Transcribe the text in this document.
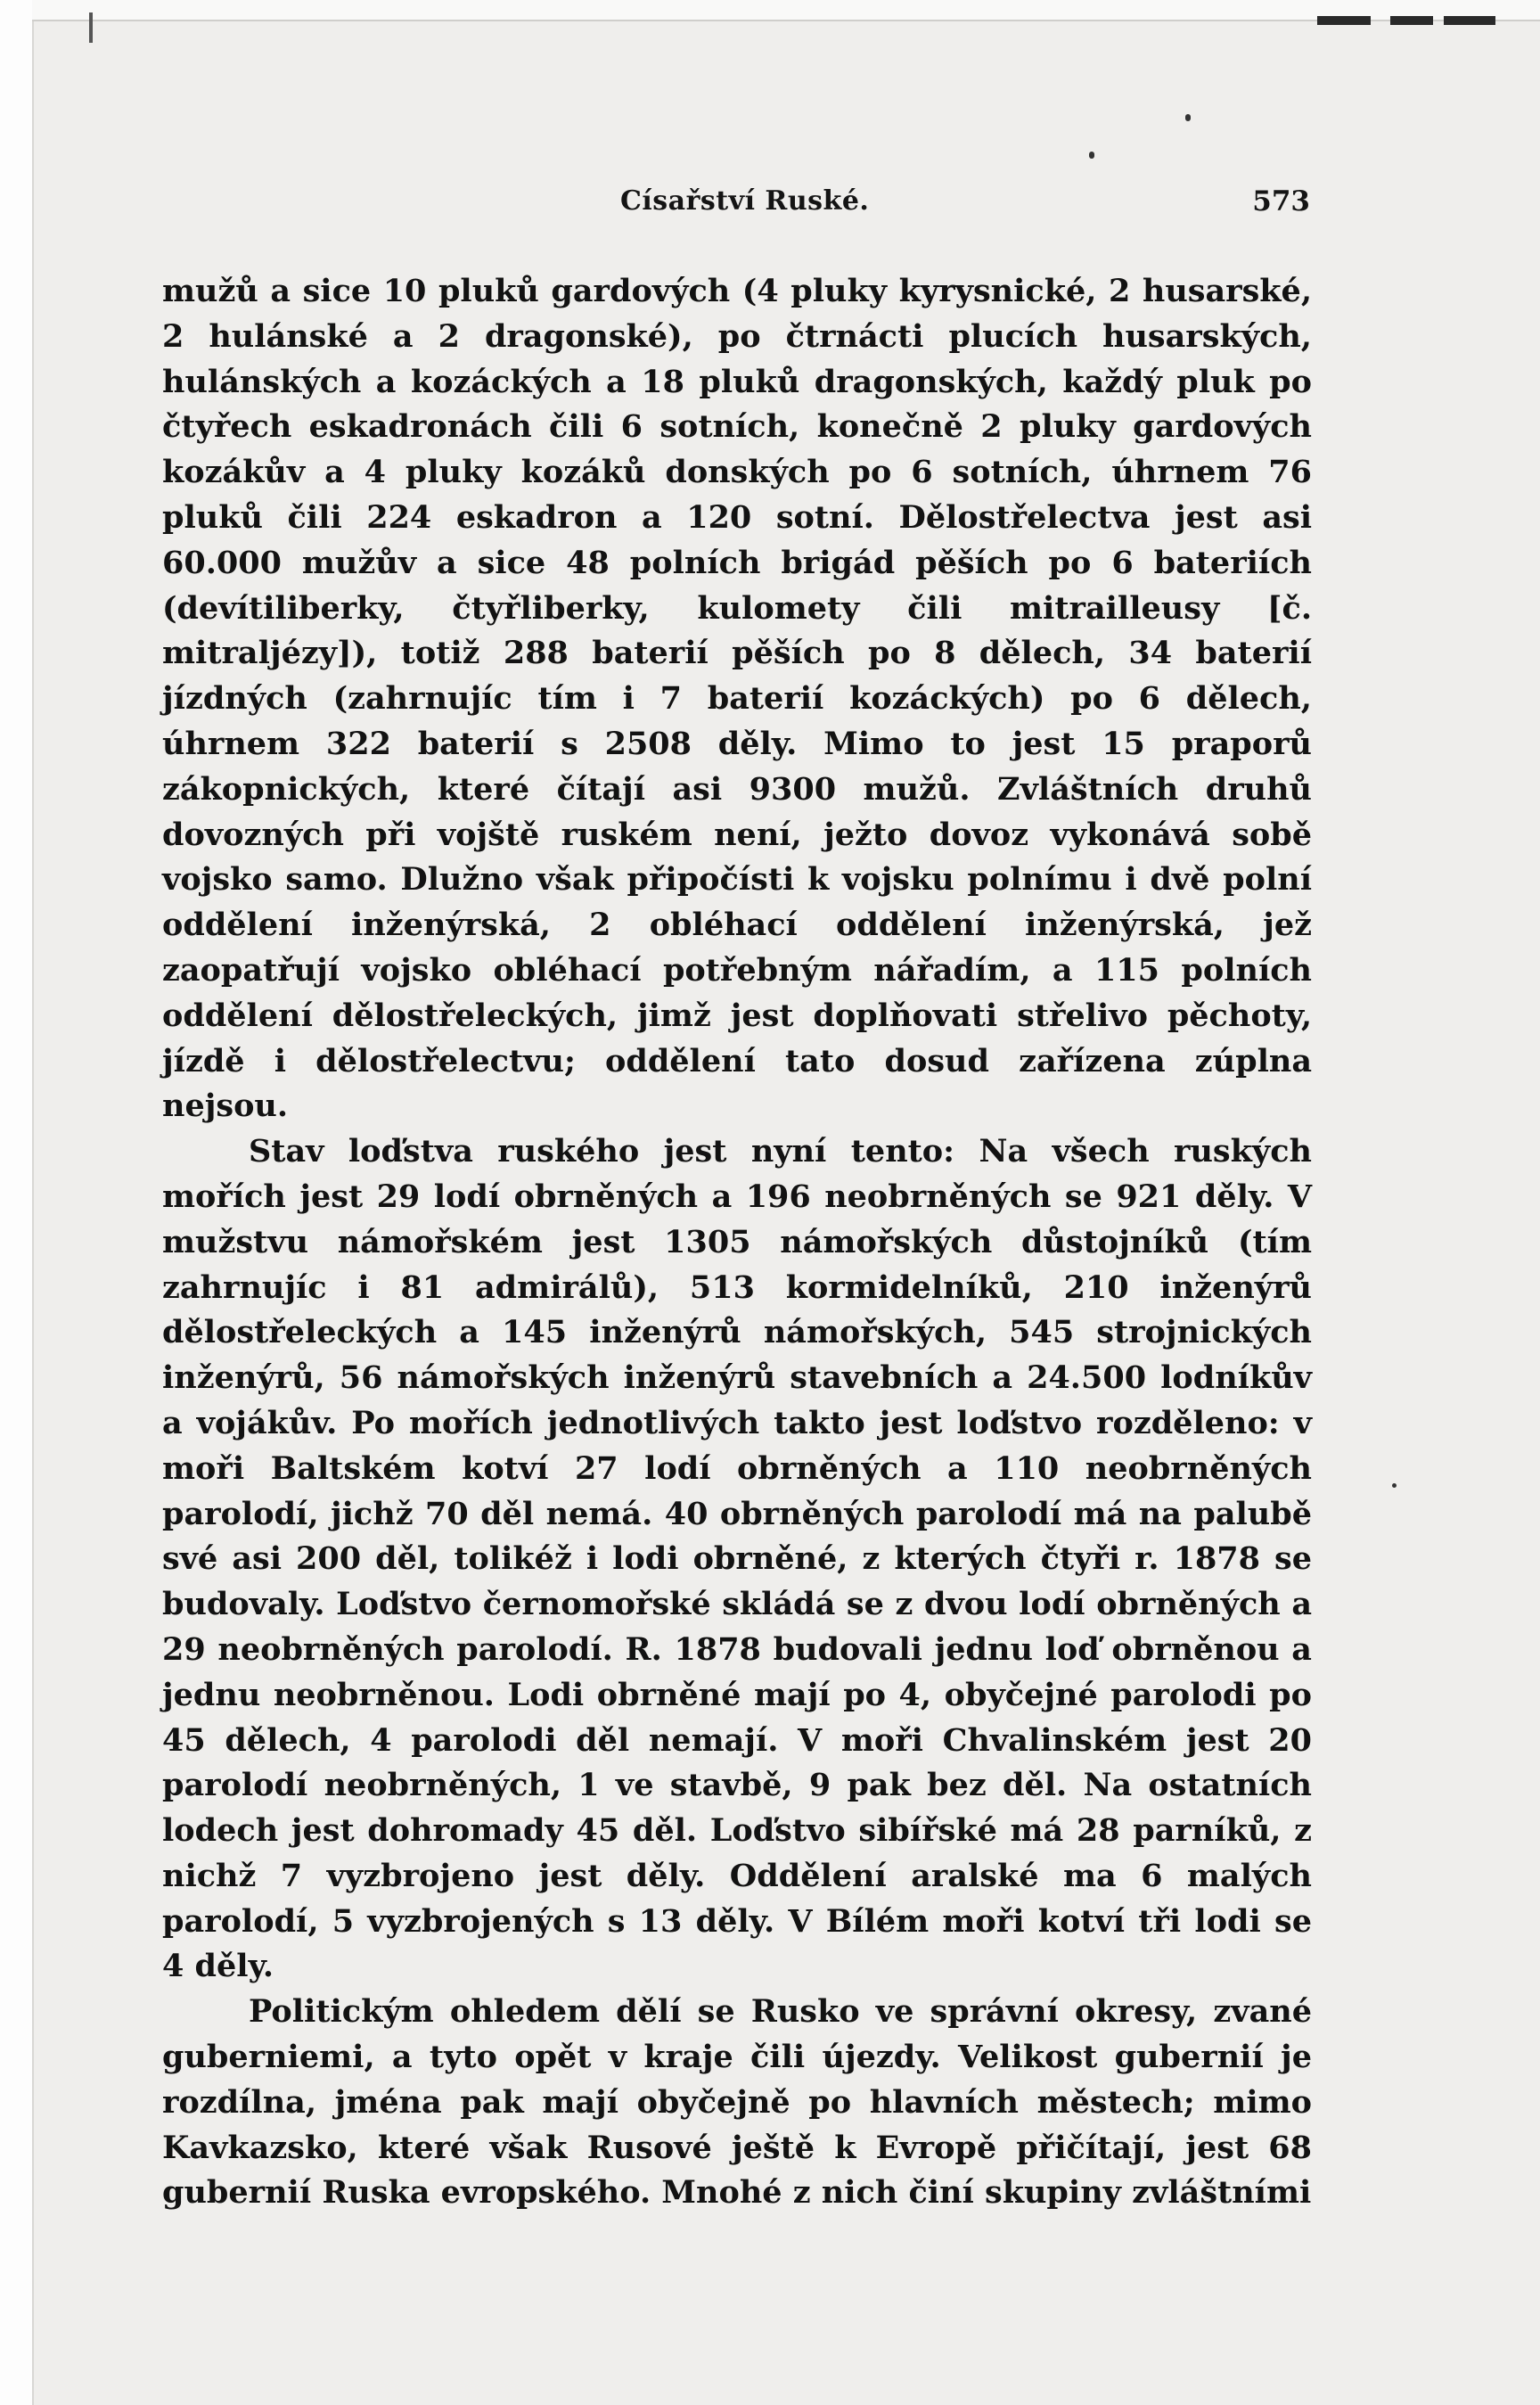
Císařství Ruské.	573

mužů a sice 10 pluků gardových (4 pluky kyrysnické, 2 husarské, 2 hulánské a 2 dragonské), po čtrnácti plucích husarských, hulánských a kozáckých a 18 pluků dragonských, každý pluk po čtyřech eskadronách čili 6 sotních, konečně 2 pluky gardových kozákův a 4 pluky kozáků donských po 6 sotních, úhrnem 76 pluků čili 224 eskadron a 120 sotní. Dělostřelectva jest asi 60.000 mužův a sice 48 polních brigád pěších po 6 bateriích (devítiliberky, čtyřliberky, kulomety čili mitrailleusy [č. mitraljézy]), totiž 288 baterií pěších po 8 dělech, 34 baterií jízdných (zahrnujíc tím i 7 baterií kozáckých) po 6 dělech, úhrnem 322 baterií s 2508 děly. Mimo to jest 15 praporů zákopnických, které čítají asi 9300 mužů. Zvláštních druhů dovozných při vojště ruském není, ježto dovoz vykonává sobě vojsko samo. Dlužno však připočísti k vojsku polnímu i dvě polní oddělení inženýrská, 2 obléhací oddělení inženýrská, jež zaopatřují vojsko obléhací potřebným nářadím, a 115 polních oddělení dělostřeleckých, jimž jest doplňovati střelivo pěchoty, jízdě i dělostřelectvu; oddělení tato dosud zařízena zúplna nejsou.

Stav loďstva ruského jest nyní tento: Na všech ruských mořích jest 29 lodí obrněných a 196 neobrněných se 921 děly. V mužstvu námořském jest 1305 námořských důstojníků (tím zahrnujíc i 81 admirálů), 513 kormidelníků, 210 inženýrů dělostřeleckých a 145 inženýrů námořských, 545 strojnických inženýrů, 56 námořských inženýrů stavebních a 24.500 lodníkův a vojákův. Po mořích jednotlivých takto jest loďstvo rozděleno: v moři Baltském kotví 27 lodí obrněných a 110 neobrněných parolodí, jichž 70 děl nemá. 40 obrněných parolodí má na palubě své asi 200 děl, tolikéž i lodi obrněné, z kterých čtyři r. 1878 se budovaly. Loďstvo černomořské skládá se z dvou lodí obrněných a 29 neobrněných parolodí. R. 1878 budovali jednu loď obrněnou a jednu neobrněnou. Lodi obrněné mají po 4, obyčejné parolodi po 45 dělech, 4 parolodi děl nemají. V moři Chvalinském jest 20 parolodí neobrněných, 1 ve stavbě, 9 pak bez děl. Na ostatních lodech jest dohromady 45 děl. Loďstvo sibířské má 28 parníků, z nichž 7 vyzbrojeno jest děly. Oddělení aralské ma 6 malých parolodí, 5 vyzbrojených s 13 děly. V Bílém moři kotví tři lodi se 4 děly.

Politickým ohledem dělí se Rusko ve správní okresy, zvané guberniemi, a tyto opět v kraje čili újezdy. Velikost gubernií je rozdílna, jména pak mají obyčejně po hlavních městech; mimo Kavkazsko, které však Rusové ještě k Evropě přičítají, jest 68 gubernií Ruska evropského. Mnohé z nich činí skupiny zvláštními
